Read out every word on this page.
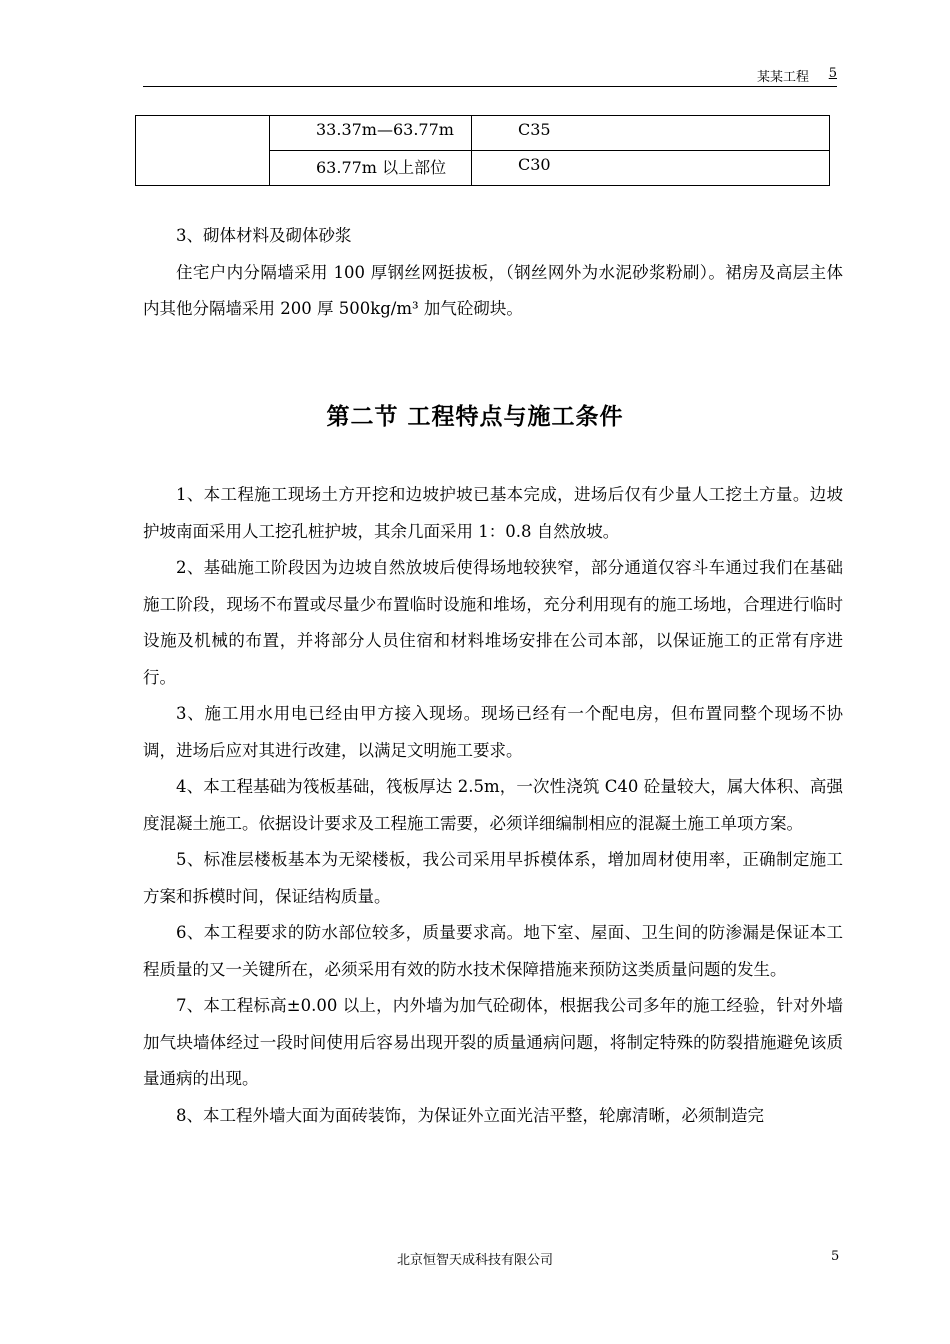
某某工程 5
	33.37m—63.77m	C35
	63.77m 以上部位	C30

3、砌体材料及砌体砂浆

住宅户内分隔墙采用 100 厚钢丝网挺拔板，（钢丝网外为水泥砂浆粉刷）。裙房及高层主体内其他分隔墙采用 200 厚 500kg/m³ 加气砼砌块。

第二节 工程特点与施工条件

1、本工程施工现场土方开挖和边坡护坡已基本完成，进场后仅有少量人工挖土方量。边坡护坡南面采用人工挖孔桩护坡，其余几面采用 1：0.8 自然放坡。

2、基础施工阶段因为边坡自然放坡后使得场地较狭窄，部分通道仅容斗车通过我们在基础施工阶段，现场不布置或尽量少布置临时设施和堆场，充分利用现有的施工场地，合理进行临时设施及机械的布置，并将部分人员住宿和材料堆场安排在公司本部，以保证施工的正常有序进行。

3、施工用水用电已经由甲方接入现场。现场已经有一个配电房，但布置同整个现场不协调，进场后应对其进行改建，以满足文明施工要求。

4、本工程基础为筏板基础，筏板厚达 2.5m，一次性浇筑 C40 砼量较大，属大体积、高强度混凝土施工。依据设计要求及工程施工需要，必须详细编制相应的混凝土施工单项方案。

5、标准层楼板基本为无梁楼板，我公司采用早拆模体系，增加周材使用率，正确制定施工方案和拆模时间，保证结构质量。

6、本工程要求的防水部位较多，质量要求高。地下室、屋面、卫生间的防渗漏是保证本工程质量的又一关键所在，必须采用有效的防水技术保障措施来预防这类质量问题的发生。

7、本工程标高±0.00 以上，内外墙为加气砼砌体，根据我公司多年的施工经验，针对外墙加气块墙体经过一段时间使用后容易出现开裂的质量通病问题，将制定特殊的防裂措施避免该质量通病的出现。

8、本工程外墙大面为面砖装饰，为保证外立面光洁平整，轮廓清晰，必须制造完

北京恒智天成科技有限公司	5
